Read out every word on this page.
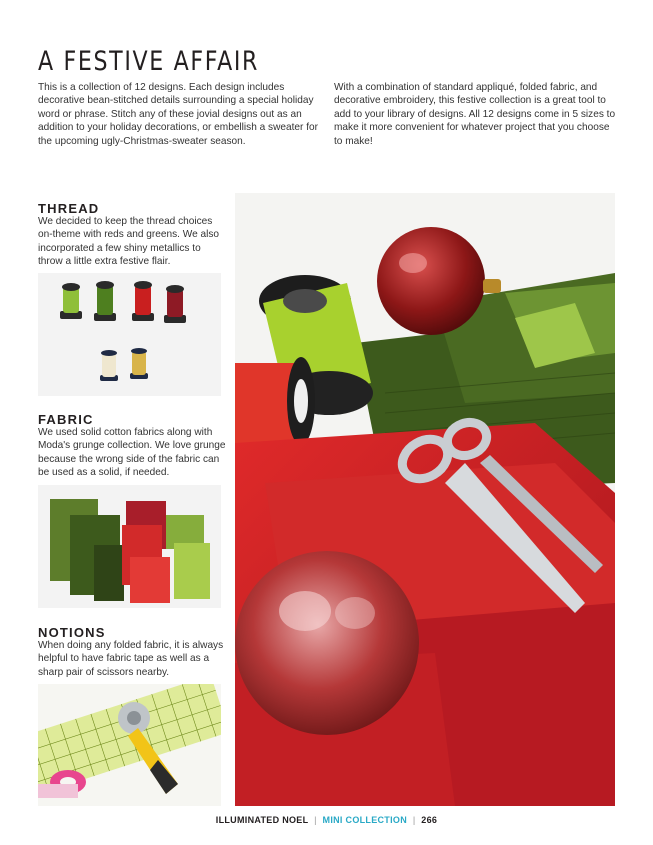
A FESTIVE AFFAIR
This is a collection of 12 designs. Each design includes decorative bean-stitched details surrounding a special holiday word or phrase. Stitch any of these jovial designs out as an addition to your holiday decorations, or embellish a sweater for the upcoming ugly-Christmas-sweater season.
With a combination of standard appliqué, folded fabric, and decorative embroidery, this festive collection is a great tool to add to your library of designs. All 12 designs come in 5 sizes to make it more convenient for whatever project that you choose to make!
THREAD
We decided to keep the thread choices on-theme with reds and greens. We also incorporated a few shiny metallics to throw a little extra festive flair.
FABRIC
We used solid cotton fabrics along with Moda's grunge collection. We love grunge because the wrong side of the fabric can be used as a solid, if needed.
NOTIONS
When doing any folded fabric, it is always helpful to have fabric tape as well as a sharp pair of scissors nearby.
ILLUMINATED NOEL | MINI COLLECTION | 266
